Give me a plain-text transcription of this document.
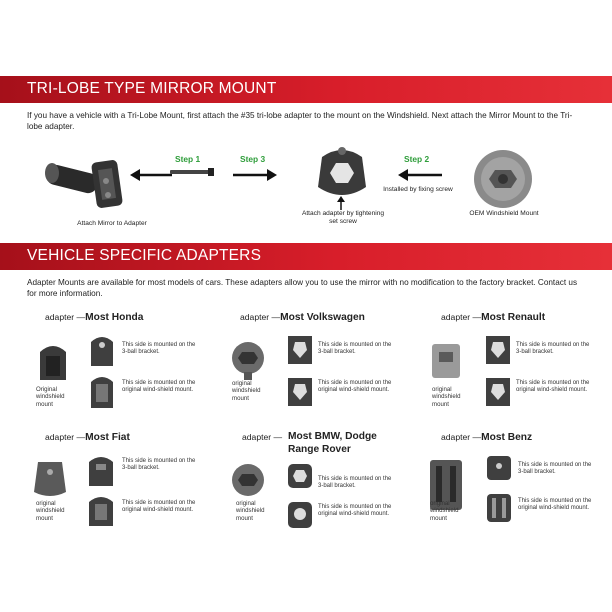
TRI-LOBE TYPE MIRROR MOUNT
If you have a vehicle with a Tri-Lobe Mount, first attach the #35 tri-lobe adapter to the mount on the Windshield. Next attach the Mirror Mount to the Tri-lobe adapter.
Attach Mirror to Adapter
Step 1	Step 3
Attach adapter by tightening set screw
Step 2
Installed by fixing screw
OEM Windshield Mount
VEHICLE SPECIFIC ADAPTERS
Adapter Mounts are available for most models of cars. These adapters allow you to use the mirror with no modification to the factory bracket. Contact us for more information.
adapter —Most Honda
Original windshield mount
This side is mounted on the 3-ball bracket.
This side is mounted on the original wind-shield mount.
adapter —Most Volkswagen
original windshield mount
This side is mounted on the 3-ball bracket.
This side is mounted on the original wind-shield mount.
adapter —Most Renault
original windshield mount
This side is mounted on the 3-ball bracket.
This side is mounted on the original wind-shield mount.
adapter —Most Fiat
original windshield mount
This side is mounted on the 3-ball bracket.
This side is mounted on the original wind-shield mount.
adapter — Most BMW, Dodge Range Rover
original windshield mount
This side is mounted on the 3-ball bracket.
This side is mounted on the original wind-shield mount.
adapter —Most Benz
original windshield mount
This side is mounted on the 3-ball bracket.
This side is mounted on the original wind-shield mount.
